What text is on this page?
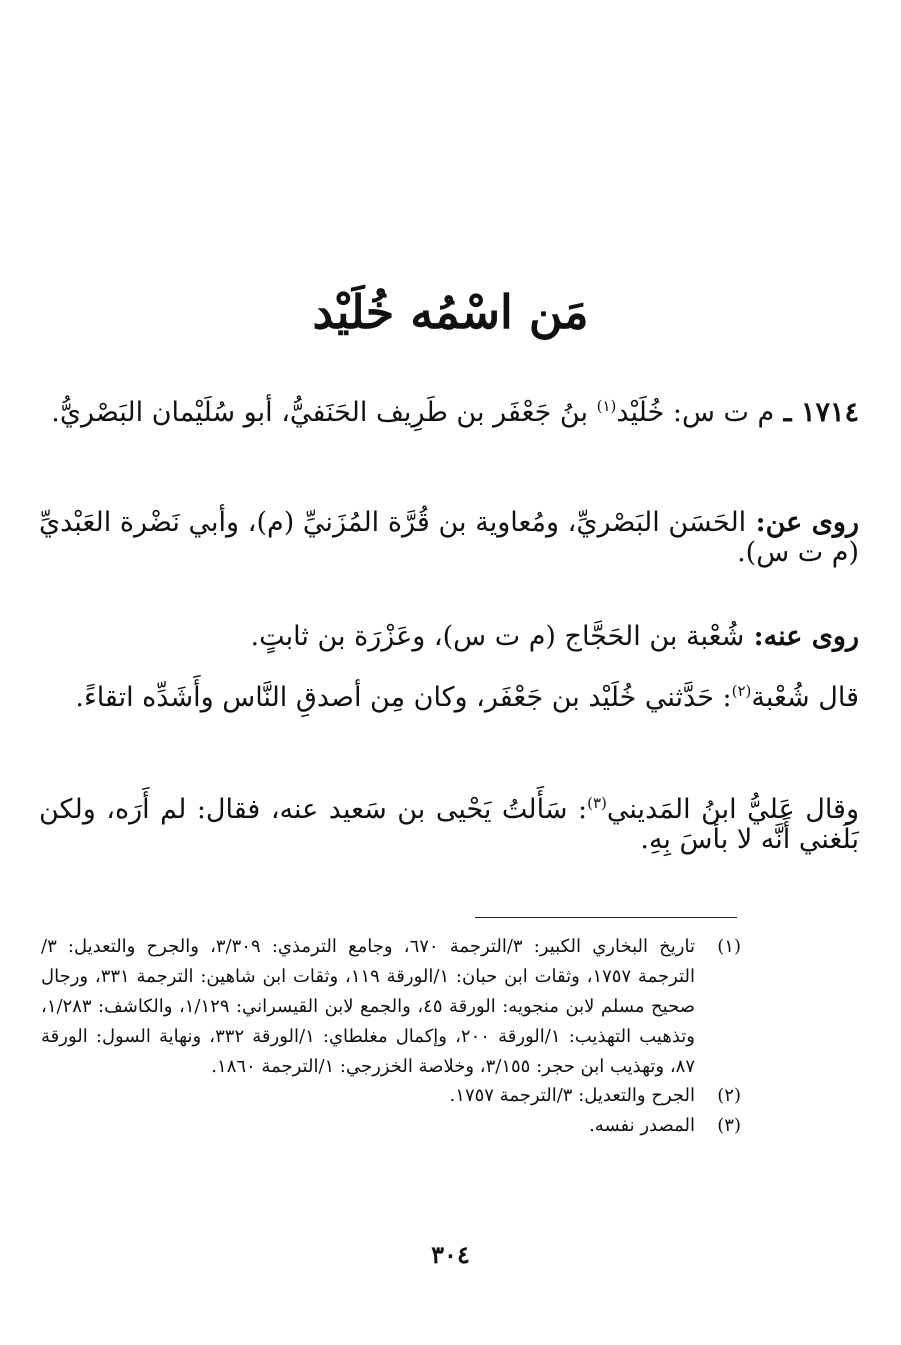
مَن اسْمُه خُلَيْد
١٧١٤ ـ م ت س: خُلَيْد$^{(١)}$ بنُ جَعْفَر بن طَرِيف الحَنَفيُّ، أبو سُلَيْمان البَصْريُّ.
روى عن: الحَسَن البَصْريِّ، ومُعاوية بن قُرَّة المُزَنيِّ (م)، وأبي نَضْرة العَبْديِّ (م ت س).
روى عنه: شُعْبة بن الحَجَّاج (م ت س)، وعَزْرَة بن ثابتٍ.
قال شُعْبة$^{(٢)}$: حَدَّثني خُلَيْد بن جَعْفَر، وكان مِن أصدقِ النَّاس وأَشَدِّه اتقاءً.
وقال عَليُّ ابنُ المَديني$^{(٣)}$: سَأَلتُ يَحْيى بن سَعيد عنه، فقال: لم أَرَه، ولكن بَلَغني أَنَّه لا بأسَ بِهِ.
(١)
تاريخ البخاري الكبير: ٣/الترجمة ٦٧٠، وجامع الترمذي: ٣/٣٠٩، والجرح والتعديل: ٣/الترجمة ١٧٥٧، وثقات ابن حبان: ١/الورقة ١١٩، وثقات ابن شاهين: الترجمة ٣٣١، ورجال صحيح مسلم لابن منجويه: الورقة ٤٥، والجمع لابن القيسراني: ١/١٢٩، والكاشف: ١/٢٨٣، وتذهيب التهذيب: ١/الورقة ٢٠٠، وإكمال مغلطاي: ١/الورقة ٣٣٢، ونهاية السول: الورقة ٨٧، وتهذيب ابن حجر: ٣/١٥٥، وخلاصة الخزرجي: ١/الترجمة ١٨٦٠.
(٢)
الجرح والتعديل: ٣/الترجمة ١٧٥٧.
(٣)
المصدر نفسه.
٣٠٤
